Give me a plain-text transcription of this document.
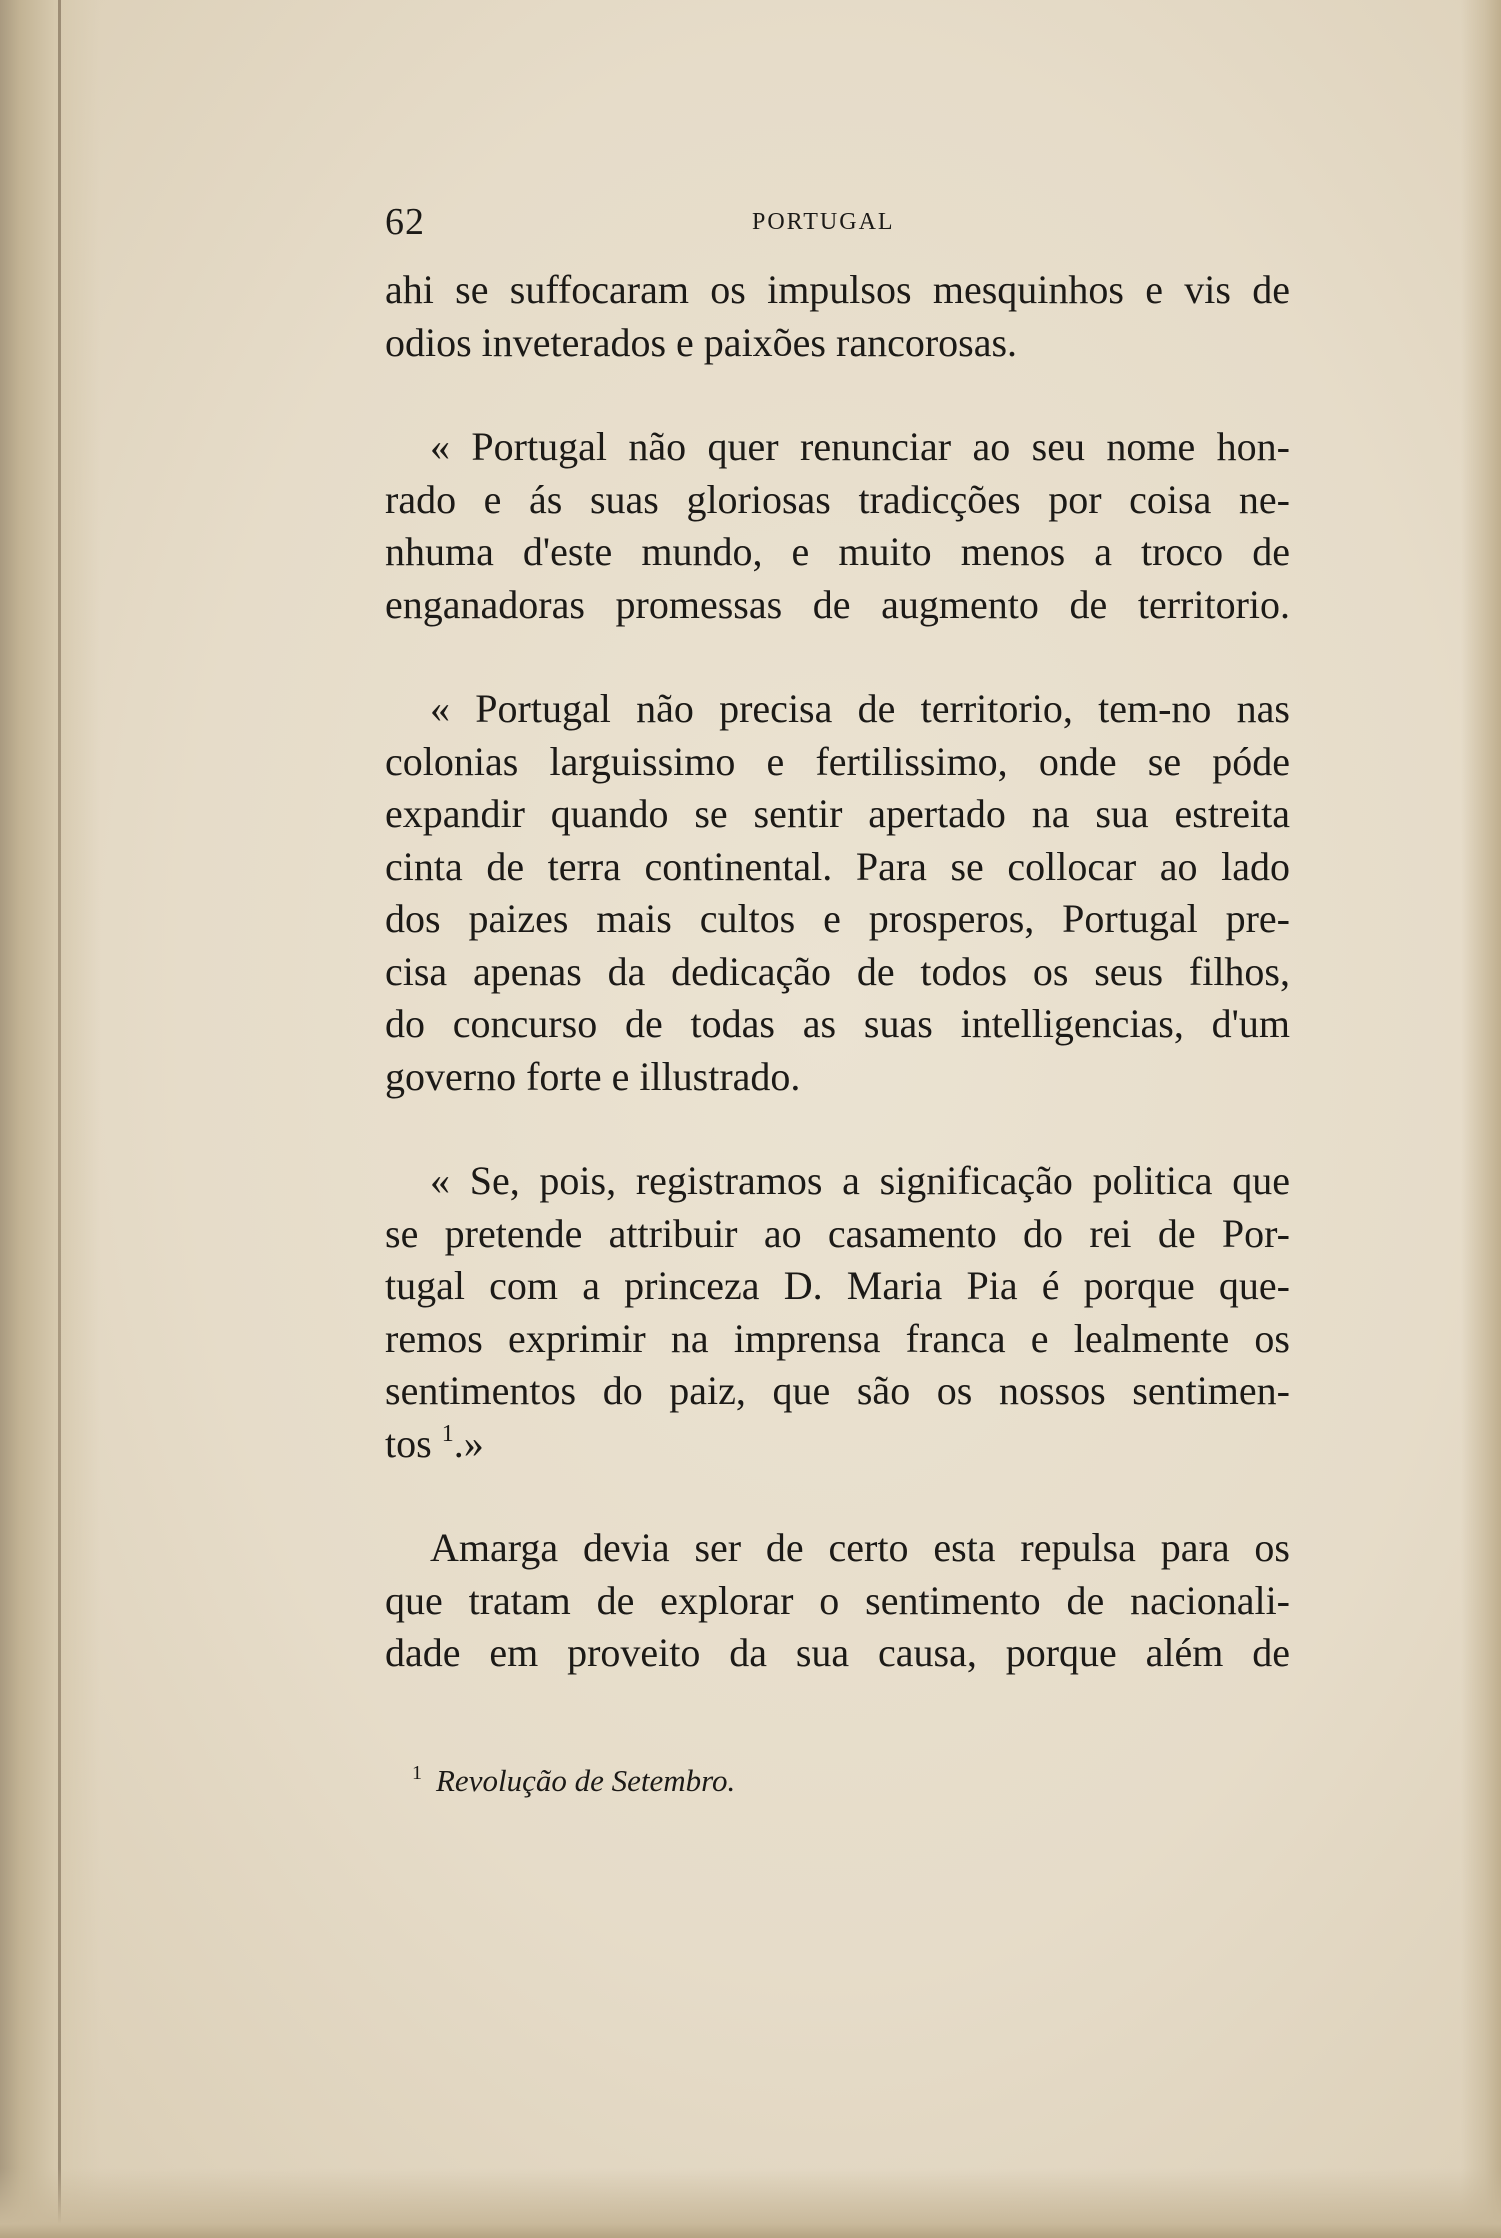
62	PORTUGAL
ahi se suffocaram os impulsos mesquinhos e vis de
odios inveterados e paixões rancorosas.
« Portugal não quer renunciar ao seu nome hon-
rado e ás suas gloriosas tradicções por coisa ne-
nhuma d'este mundo, e muito menos a troco de
enganadoras promessas de augmento de territorio.
« Portugal não precisa de territorio, tem-no nas
colonias larguissimo e fertilissimo, onde se póde
expandir quando se sentir apertado na sua estreita
cinta de terra continental. Para se collocar ao lado
dos paizes mais cultos e prosperos, Portugal pre-
cisa apenas da dedicação de todos os seus filhos,
do concurso de todas as suas intelligencias, d'um
governo forte e illustrado.
« Se, pois, registramos a significação politica que
se pretende attribuir ao casamento do rei de Por-
tugal com a princeza D. Maria Pia é porque que-
remos exprimir na imprensa franca e lealmente os
sentimentos do paiz, que são os nossos sentimen-
tos $^1$.»
Amarga devia ser de certo esta repulsa para os
que tratam de explorar o sentimento de nacionali-
dade em proveito da sua causa, porque além de
$^1$ Revolução de Setembro.
